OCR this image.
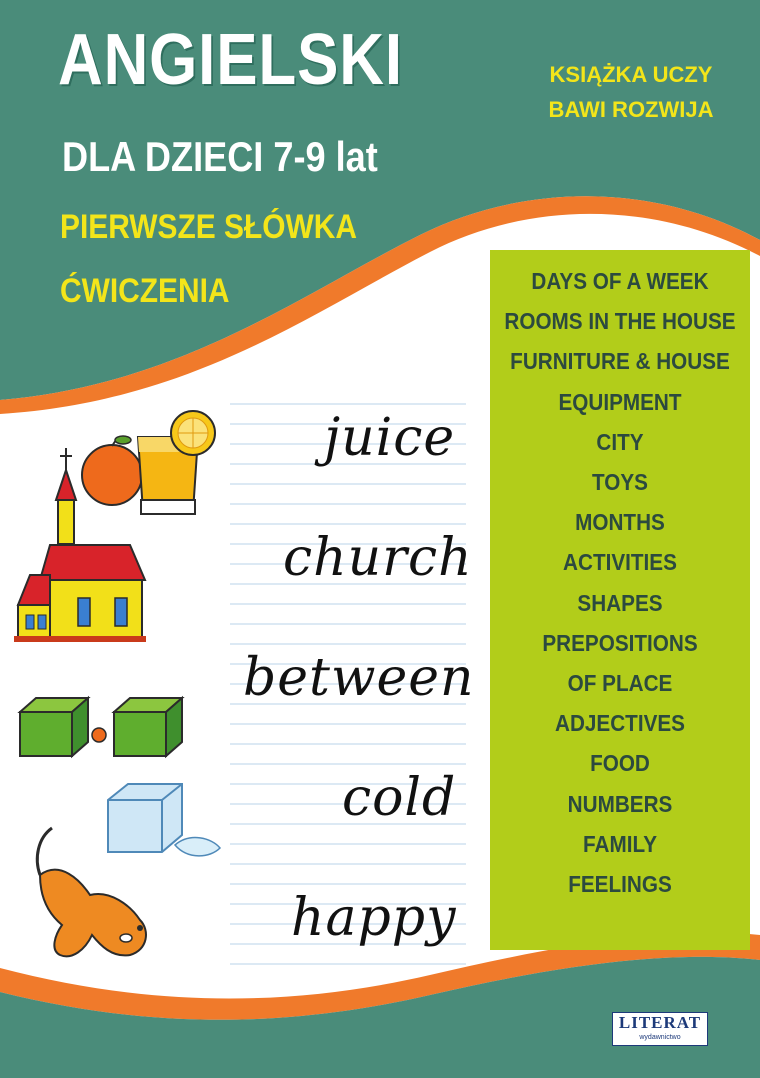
ANGIELSKI
DLA DZIECI 7-9 lat
KSIĄŻKA UCZY
BAWI ROZWIJA
PIERWSZE SŁÓWKA
ĆWICZENIA	DAYS OF A WEEK
ROOMS IN THE HOUSE
FURNITURE & HOUSE
EQUIPMENT
CITY
TOYS
MONTHS
ACTIVITIES
SHAPES
PREPOSITIONS
OF PLACE
ADJECTIVES
FOOD
NUMBERS
FAMILY
FEELINGS
juice
church
between
cold
happy
LITERAT
wydawnictwo
